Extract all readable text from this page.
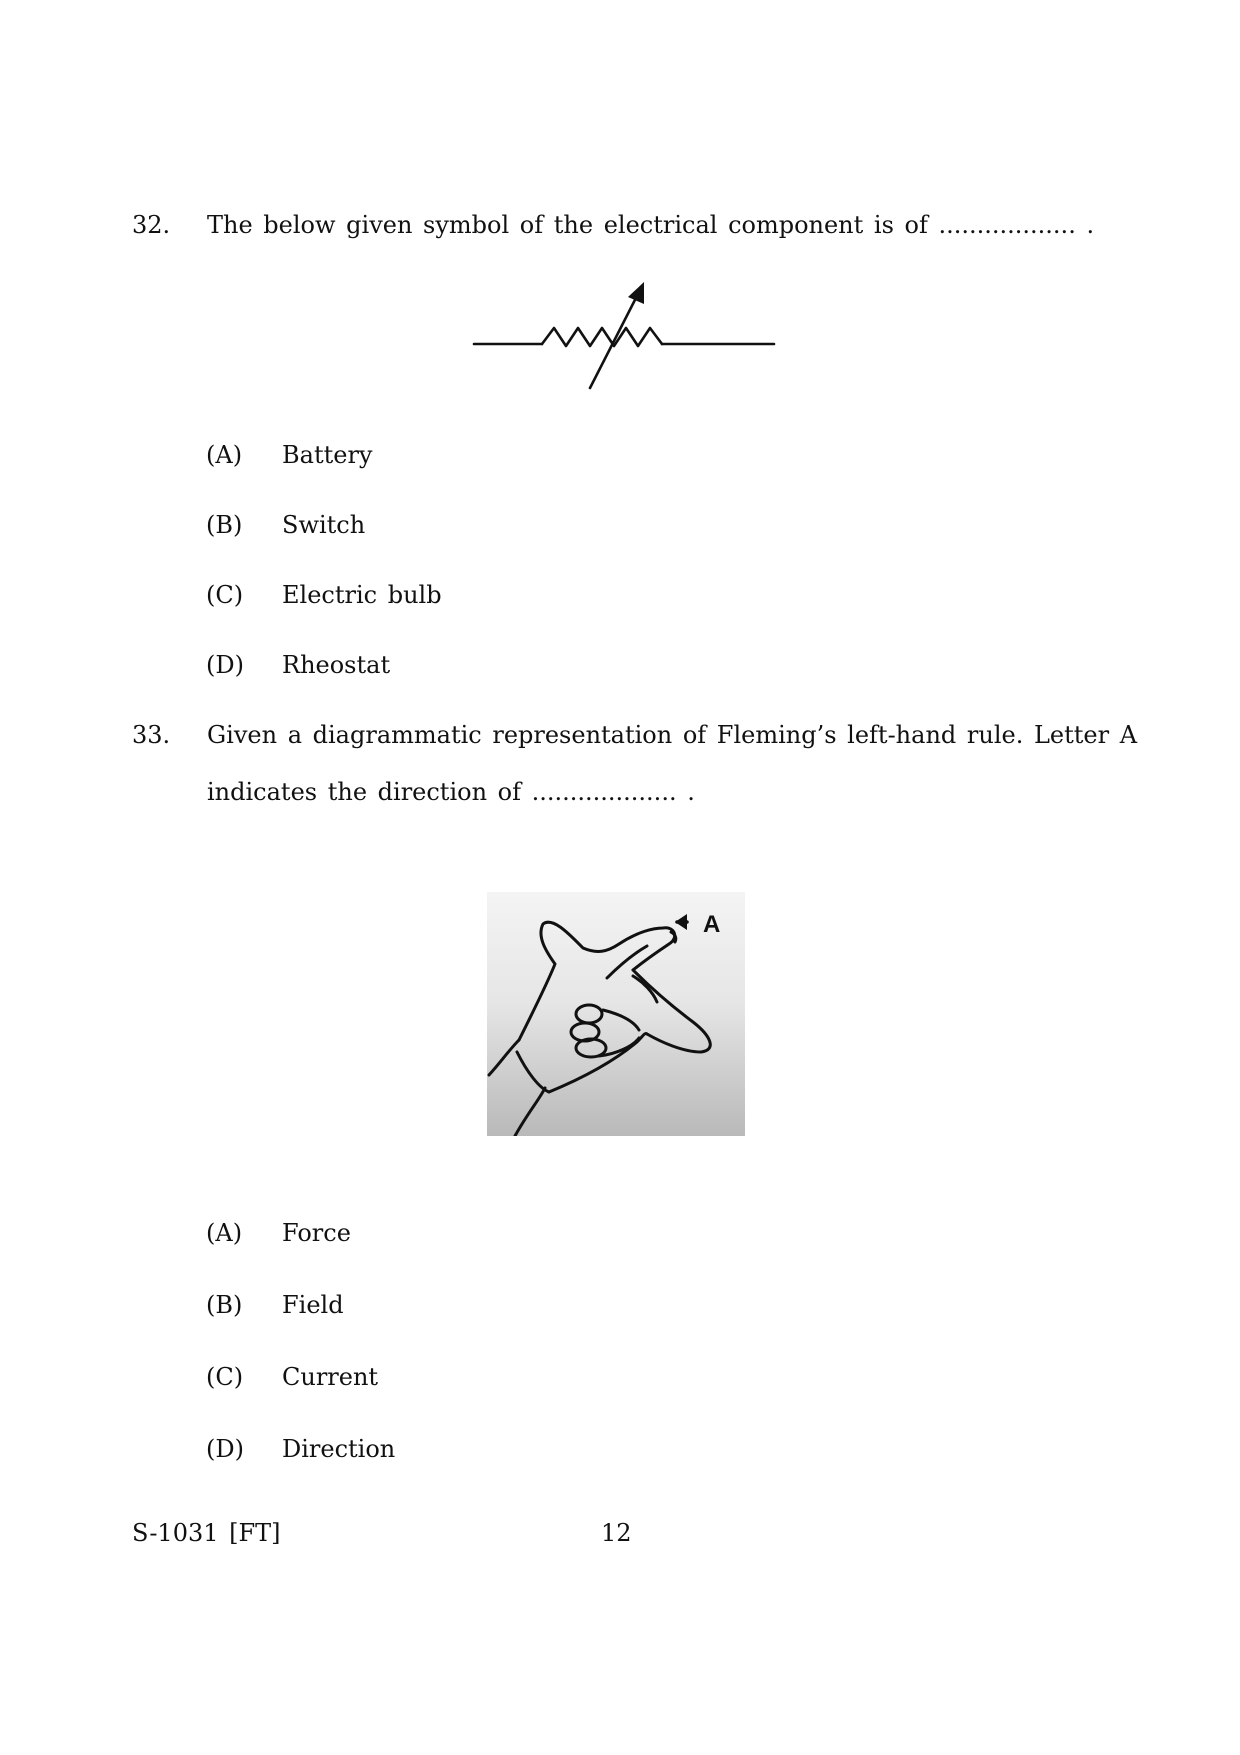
32. The below given symbol of the electrical component is of .................. .
(A) Battery
(B) Switch
(C) Electric bulb
(D) Rheostat
33. Given a diagrammatic representation of Fleming’s left-hand rule. Letter A
indicates the direction of ................... .
A
(A) Force
(B) Field
(C) Current
(D) Direction
S-1031 [FT]	12
